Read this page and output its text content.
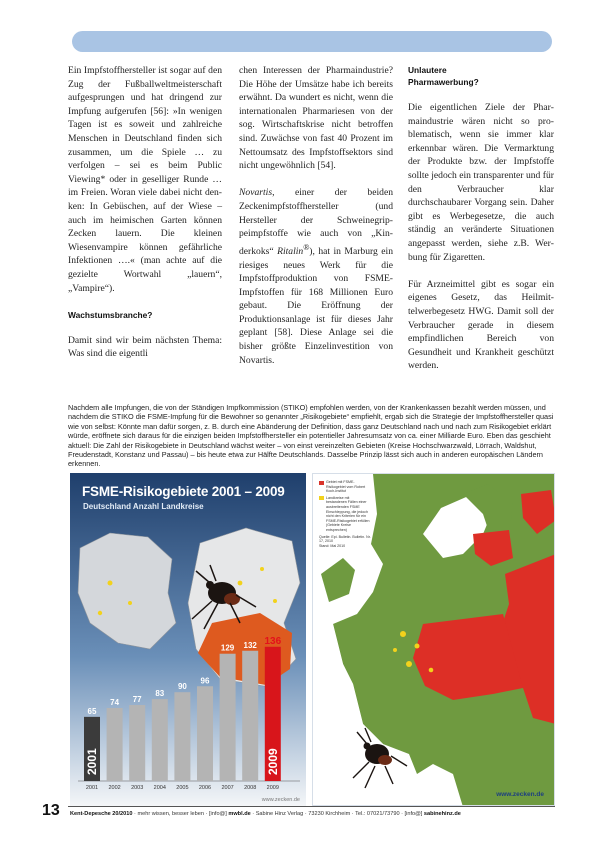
Ein Impfstoffhersteller ist sogar auf den Zug der Fußballweltmeisterschaft aufgesprungen und hat dringend zur Impfung aufgerufen [56]: »In wenigen Tagen ist es soweit und zahlreiche Menschen in Deutschland finden sich zusammen, um die Spiele … zu verfolgen – sei es beim Public Viewing* oder in geselliger Runde … im Freien. Woran viele dabei nicht denken: In Gebüschen, auf der Wiese – auch im heimischen Garten können Zecken lauern. Die kleinen Wiesenvampire können gefährliche Infektionen ….« (man achte auf die gezielte Wortwahl „lauern“, „Vampire“).

Wachstumsbranche?

Damit sind wir beim nächsten Thema: Was sind die eigentli

chen Interessen der Pharmaindustrie? Die Höhe der Umsätze habe ich bereits erwähnt. Da wundert es nicht, wenn die internationalen Pharmariesen von der sog. Wirtschaftskrise nicht betroffen sind. Zuwächse von fast 40 Prozent im Nettoumsatz des Impfstoffsektors sind nicht ungewöhnlich [54].

Novartis, einer der beiden Zeckenimpfstoffhersteller (und Hersteller der Schweinegrippeimpfstoffe wie auch von „Kinderkoks“ Ritalin®), hat in Marburg ein riesiges neues Werk für die Impfstoffproduktion von FSME-Impfstoffen für 168 Millionen Euro gebaut. Die Eröffnung der Produktionsanlage ist für dieses Jahr geplant [58]. Diese Anlage sei die bisher größte Einzelinvestition von Novartis.

Unlautere
Pharmawerbung?

Die eigentlichen Ziele der Pharmaindustrie wären nicht so problematisch, wenn sie immer klar erkennbar wären. Die Vermarktung der Produkte bzw. der Impfstoffe sollte jedoch ein transparenter und für den Verbraucher klar durchschaubarer Vorgang sein. Daher gibt es Werbegesetze, die auch ständig an veränderte Situationen angepasst werden, siehe z.B. Werbung für Zigaretten.

Für Arzneimittel gibt es sogar ein eigenes Gesetz, das Heilmittelwerbegesetz HWG. Damit soll der Verbraucher gerade in diesem empfindlichen Bereich von Gesundheit und Krankheit geschützt werden.

Nachdem alle Impfungen, die von der Ständigen Impfkommission (STIKO) empfohlen werden, von der Krankenkassen bezahlt werden müssen, und nachdem die STIKO die FSME-Impfung für die Bewohner so genannter „Risikogebiete“ empfiehlt, ergab sich die Strategie der Impfstoffhersteller quasi wie von selbst: Könnte man dafür sorgen, z. B. durch eine Abänderung der Definition, dass ganz Deutschland nach und nach zum Risikogebiet erklärt würde, eröffnete sich daraus für die einzigen beiden Impfstoffhersteller ein potentieller Jahresumsatz von ca. einer Milliarde Euro. Eben das geschieht aktuell: Die Zahl der Risikogebiete in Deutschland wächst weiter – von einst vereinzelten Gebieten (Kreise Hochschwarzwald, Lörrach, Waldshut, Freudenstadt, Konstanz und Passau) – bis heute etwa zur Hälfte Deutschlands. Dasselbe Prinzip lässt sich auch in anderen europäischen Ländern erkennen.
65
2001
2001
74
2002
77
2003
83
2004
90
2005
96
2006
129
2007
132
2008
136
2009
2009
FSME-Risikogebiete 2001 – 2009
Deutschland Anzahl Landkreise
www.zecken.de
Gebiet mit FSME-Risikogebiet vom Robert Koch-Institut
Landkreise mit bestandenen Fällen einer ausbreitenden FSME Einschleppung, die jedoch nicht den Kriterien für ein FSME-Risikogebiet erfüllen (Gebiete Kreise entsprechen)
Quelle: Epi. Bulletin. Bulletin. Nr. 17, 2010
Stand: Mai 2010
www.zecken.de
13 Kent-Depesche 20/2010 · mehr wissen, besser leben · [info@] mwbl.de · Sabine Hinz Verlag · 73230 Kirchheim · Tel.: 07021/73790 · [info@] sabinehinz.de
